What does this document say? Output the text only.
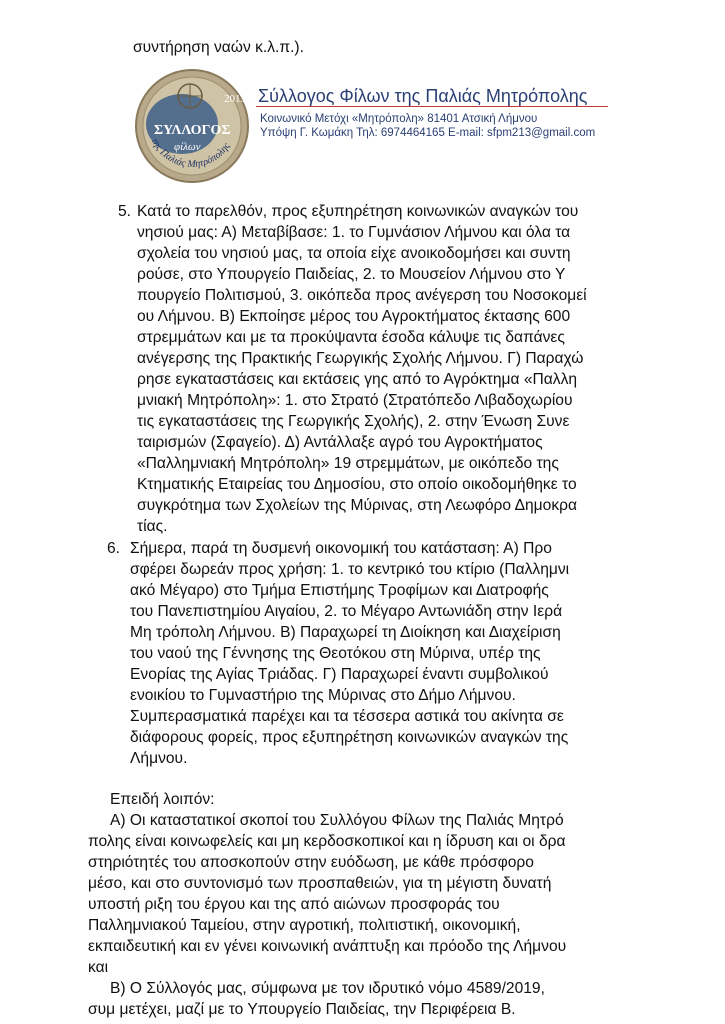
συντήρηση ναών κ.λ.π.).
2013
ΣΥΛΛΟΓΟΣ
φίλων
της Παλιάς Μητρόπολης
Σύλλογος Φίλων της Παλιάς Μητρόπολης
Κοινωνικό Μετόχι «Μητρόπολη» 81401 Ατσική Λήμνου
Υπόψη Γ. Κωμάκη Τηλ: 6974464165 E-mail: sfpm213@gmail.com
5. Κατά το παρελθόν, προς εξυπηρέτηση κοινωνικών αναγκών του
νησιού μας: Α) Μεταβίβασε: 1. το Γυμνάσιον Λήμνου και όλα τα
σχολεία του νησιού μας, τα οποία είχε ανοικοδομήσει και συντη
ρούσε, στο Υπουργείο Παιδείας, 2. το Μουσείον Λήμνου στο Υ
πουργείο Πολιτισμού, 3. οικόπεδα προς ανέγερση του Νοσοκομεί
ου Λήμνου. Β) Εκποίησε μέρος του Αγροκτήματος έκτασης 600
στρεμμάτων και με τα προκύψαντα έσοδα κάλυψε τις δαπάνες
ανέγερσης της Πρακτικής Γεωργικής Σχολής Λήμνου. Γ) Παραχώ
ρησε εγκαταστάσεις και εκτάσεις γης από το Αγρόκτημα «Παλλη
μνιακή Μητρόπολη»: 1. στο Στρατό (Στρατόπεδο Λιβαδοχωρίου
τις εγκαταστάσεις της Γεωργικής Σχολής), 2. στην Ένωση Συνε
ταιρισμών (Σφαγείο). Δ) Αντάλλαξε αγρό του Αγροκτήματος
«Παλλημνιακή Μητρόπολη» 19 στρεμμάτων, με οικόπεδο της
Κτηματικής Εταιρείας του Δημοσίου, στο οποίο οικοδομήθηκε το
συγκρότημα των Σχολείων της Μύρινας, στη Λεωφόρο Δημοκρα
τίας.
6. Σήμερα, παρά τη δυσμενή οικονομική του κατάσταση: Α) Προ
σφέρει δωρεάν προς χρήση: 1. το κεντρικό του κτίριο (Παλλημνι
ακό Μέγαρο) στο Τμήμα Επιστήμης Τροφίμων και Διατροφής
του Πανεπιστημίου Αιγαίου, 2. το Μέγαρο Αντωνιάδη στην Ιερά
Μη τρόπολη Λήμνου. Β) Παραχωρεί τη Διοίκηση και Διαχείριση
του ναού της Γέννησης της Θεοτόκου στη Μύρινα, υπέρ της
Ενορίας της Αγίας Τριάδας. Γ) Παραχωρεί έναντι συμβολικού
ενοικίου το Γυμναστήριο της Μύρινας στο Δήμο Λήμνου.
Συμπερασματικά παρέχει και τα τέσσερα αστικά του ακίνητα σε
διάφορους φορείς, προς εξυπηρέτηση κοινωνικών αναγκών της
Λήμνου.
Επειδή λοιπόν:
Α) Οι καταστατικοί σκοποί του Συλλόγου Φίλων της Παλιάς Μητρό
πολης είναι κοινωφελείς και μη κερδοσκοπικοί και η ίδρυση και οι δρα
στηριότητές του αποσκοπούν στην ευόδωση, με κάθε πρόσφορο
μέσο, και στο συντονισμό των προσπαθειών, για τη μέγιστη δυνατή
υποστή ριξη του έργου και της από αιώνων προσφοράς του
Παλλημνιακού Ταμείου, στην αγροτική, πολιτιστική, οικονομική,
εκπαιδευτική και εν γένει κοινωνική ανάπτυξη και πρόοδο της Λήμνου
και
Β) Ο Σύλλογός μας, σύμφωνα με τον ιδρυτικό νόμο 4589/2019,
συμ μετέχει, μαζί με το Υπουργείο Παιδείας, την Περιφέρεια Β.
